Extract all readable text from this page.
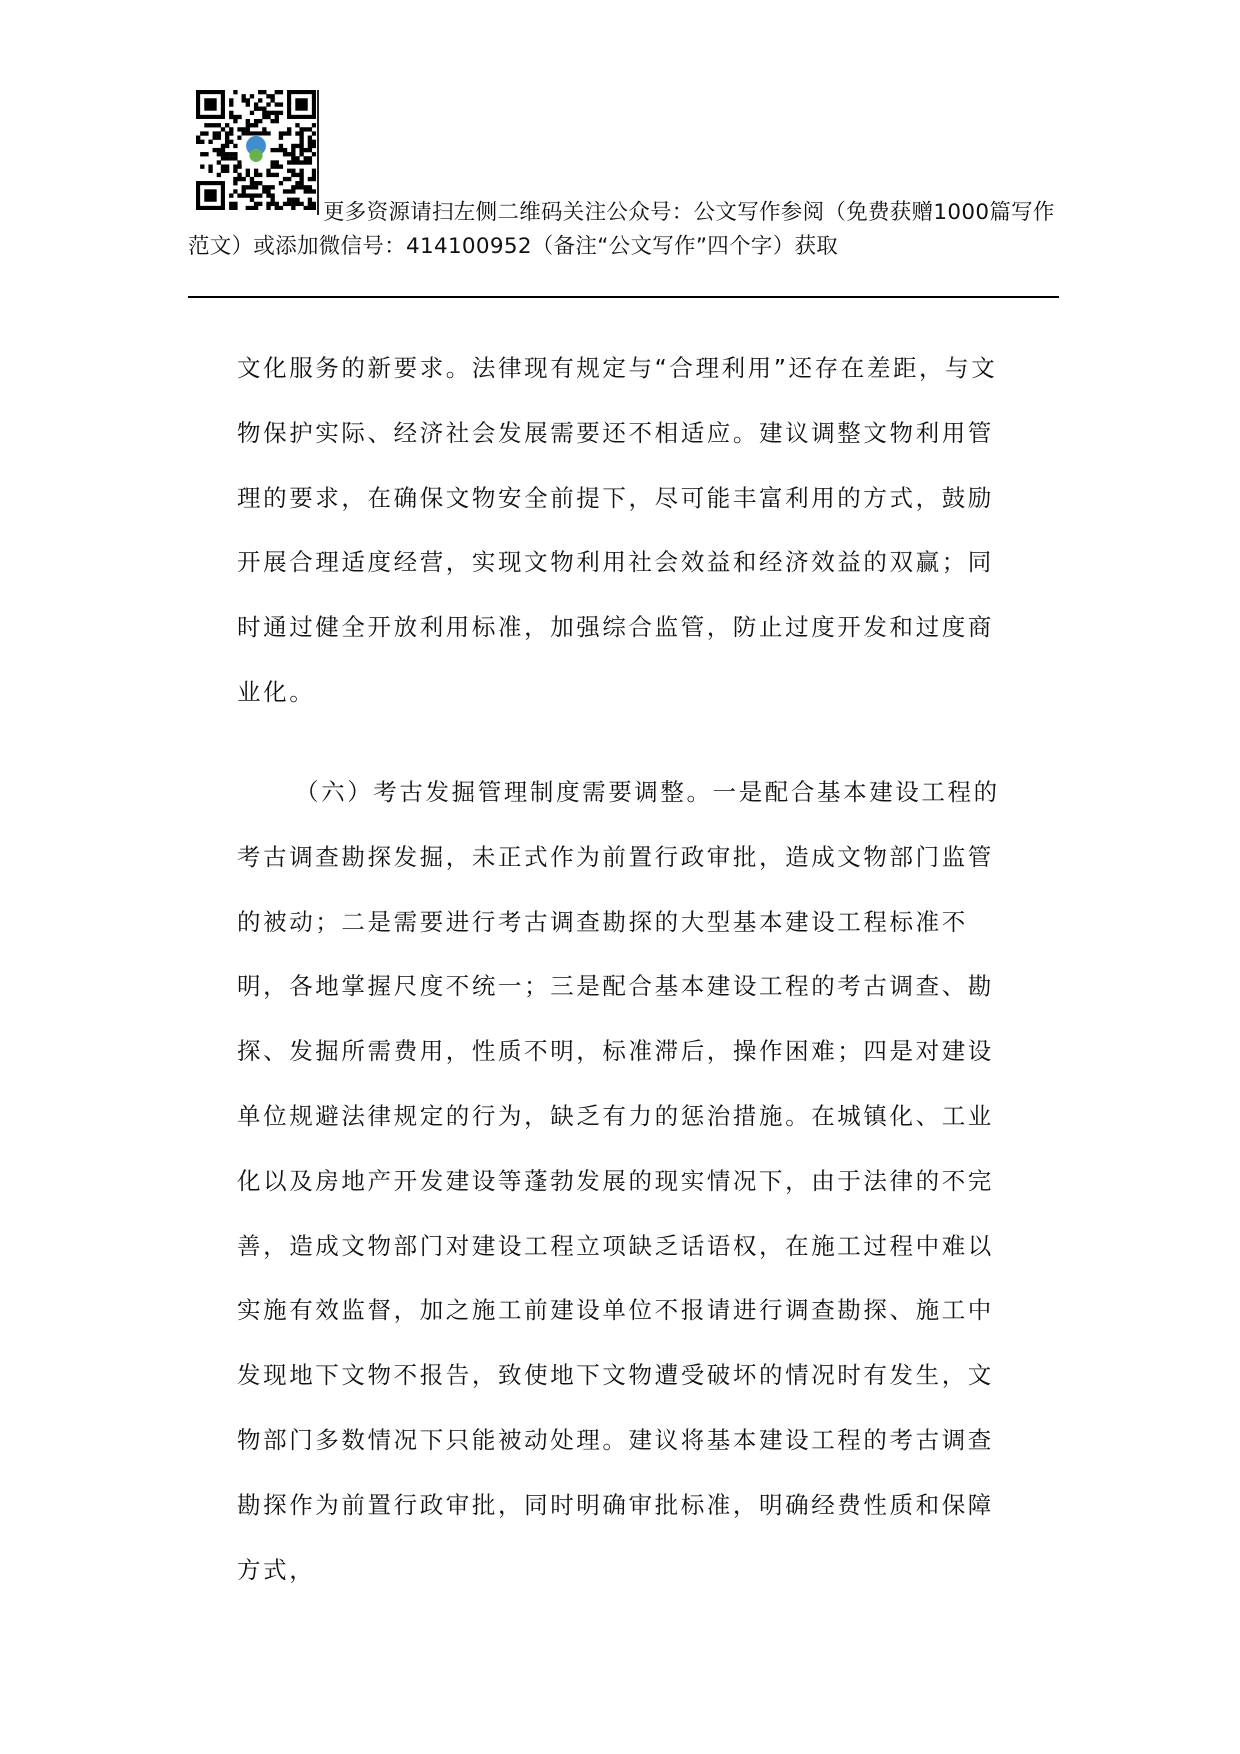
更多资源请扫左侧二维码关注公众号：公文写作参阅（免费获赠1000篇写作范文）或添加微信号：414100952（备注“公文写作”四个字）获取

文化服务的新要求。法律现有规定与“合理利用”还存在差距，与文物保护实际、经济社会发展需要还不相适应。建议调整文物利用管理的要求，在确保文物安全前提下，尽可能丰富利用的方式，鼓励开展合理适度经营，实现文物利用社会效益和经济效益的双赢；同时通过健全开放利用标准，加强综合监管，防止过度开发和过度商业化。

（六）考古发掘管理制度需要调整。一是配合基本建设工程的考古调查勘探发掘，未正式作为前置行政审批，造成文物部门监管的被动；二是需要进行考古调查勘探的大型基本建设工程标准不明，各地掌握尺度不统一；三是配合基本建设工程的考古调查、勘探、发掘所需费用，性质不明，标准滞后，操作困难；四是对建设单位规避法律规定的行为，缺乏有力的惩治措施。在城镇化、工业化以及房地产开发建设等蓬勃发展的现实情况下，由于法律的不完善，造成文物部门对建设工程立项缺乏话语权，在施工过程中难以实施有效监督，加之施工前建设单位不报请进行调查勘探、施工中发现地下文物不报告，致使地下文物遭受破坏的情况时有发生，文物部门多数情况下只能被动处理。建议将基本建设工程的考古调查勘探作为前置行政审批，同时明确审批标准，明确经费性质和保障方式，
